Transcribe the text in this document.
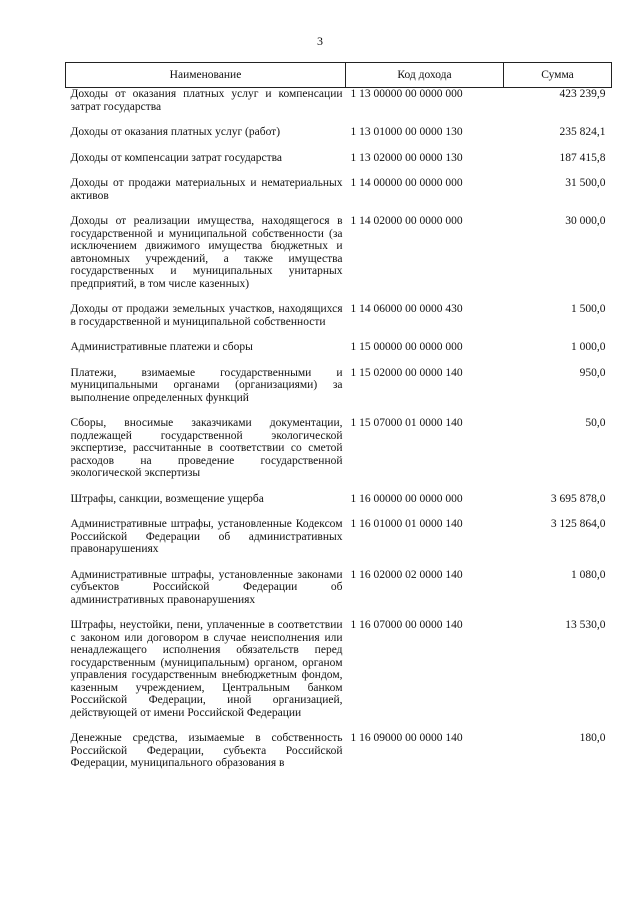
3
Наименование	Код дохода	Сумма
Доходы от оказания платных услуг и компенсации затрат государства	1 13 00000 00 0000 000	423 239,9
Доходы от оказания платных услуг (работ)	1 13 01000 00 0000 130	235 824,1
Доходы от компенсации затрат государства	1 13 02000 00 0000 130	187 415,8
Доходы от продажи материальных и нематериальных активов	1 14 00000 00 0000 000	31 500,0
Доходы от реализации имущества, находящегося в государственной и муниципальной собственности (за исключением движимого имущества бюджетных и автономных учреждений, а также имущества государственных и муниципальных унитарных предприятий, в том числе казенных)	1 14 02000 00 0000 000	30 000,0
Доходы от продажи земельных участков, находящихся в государственной и муниципальной собственности	1 14 06000 00 0000 430	1 500,0
Административные платежи и сборы	1 15 00000 00 0000 000	1 000,0
Платежи, взимаемые государственными и муниципальными органами (организациями) за выполнение определенных функций	1 15 02000 00 0000 140	950,0
Сборы, вносимые заказчиками документации, подлежащей государственной экологической экспертизе, рассчитанные в соответствии со сметой расходов на проведение государственной экологической экспертизы	1 15 07000 01 0000 140	50,0
Штрафы, санкции, возмещение ущерба	1 16 00000 00 0000 000	3 695 878,0
Административные штрафы, установленные Кодексом Российской Федерации об административных правонарушениях	1 16 01000 01 0000 140	3 125 864,0
Административные штрафы, установленные законами субъектов Российской Федерации об административных правонарушениях	1 16 02000 02 0000 140	1 080,0
Штрафы, неустойки, пени, уплаченные в соответствии с законом или договором в случае неисполнения или ненадлежащего исполнения обязательств перед государственным (муниципальным) органом, органом управления государственным внебюджетным фондом, казенным учреждением, Центральным банком Российской Федерации, иной организацией, действующей от имени Российской Федерации	1 16 07000 00 0000 140	13 530,0
Денежные средства, изымаемые в собственность Российской Федерации, субъекта Российской Федерации, муниципального образования в	1 16 09000 00 0000 140	180,0
